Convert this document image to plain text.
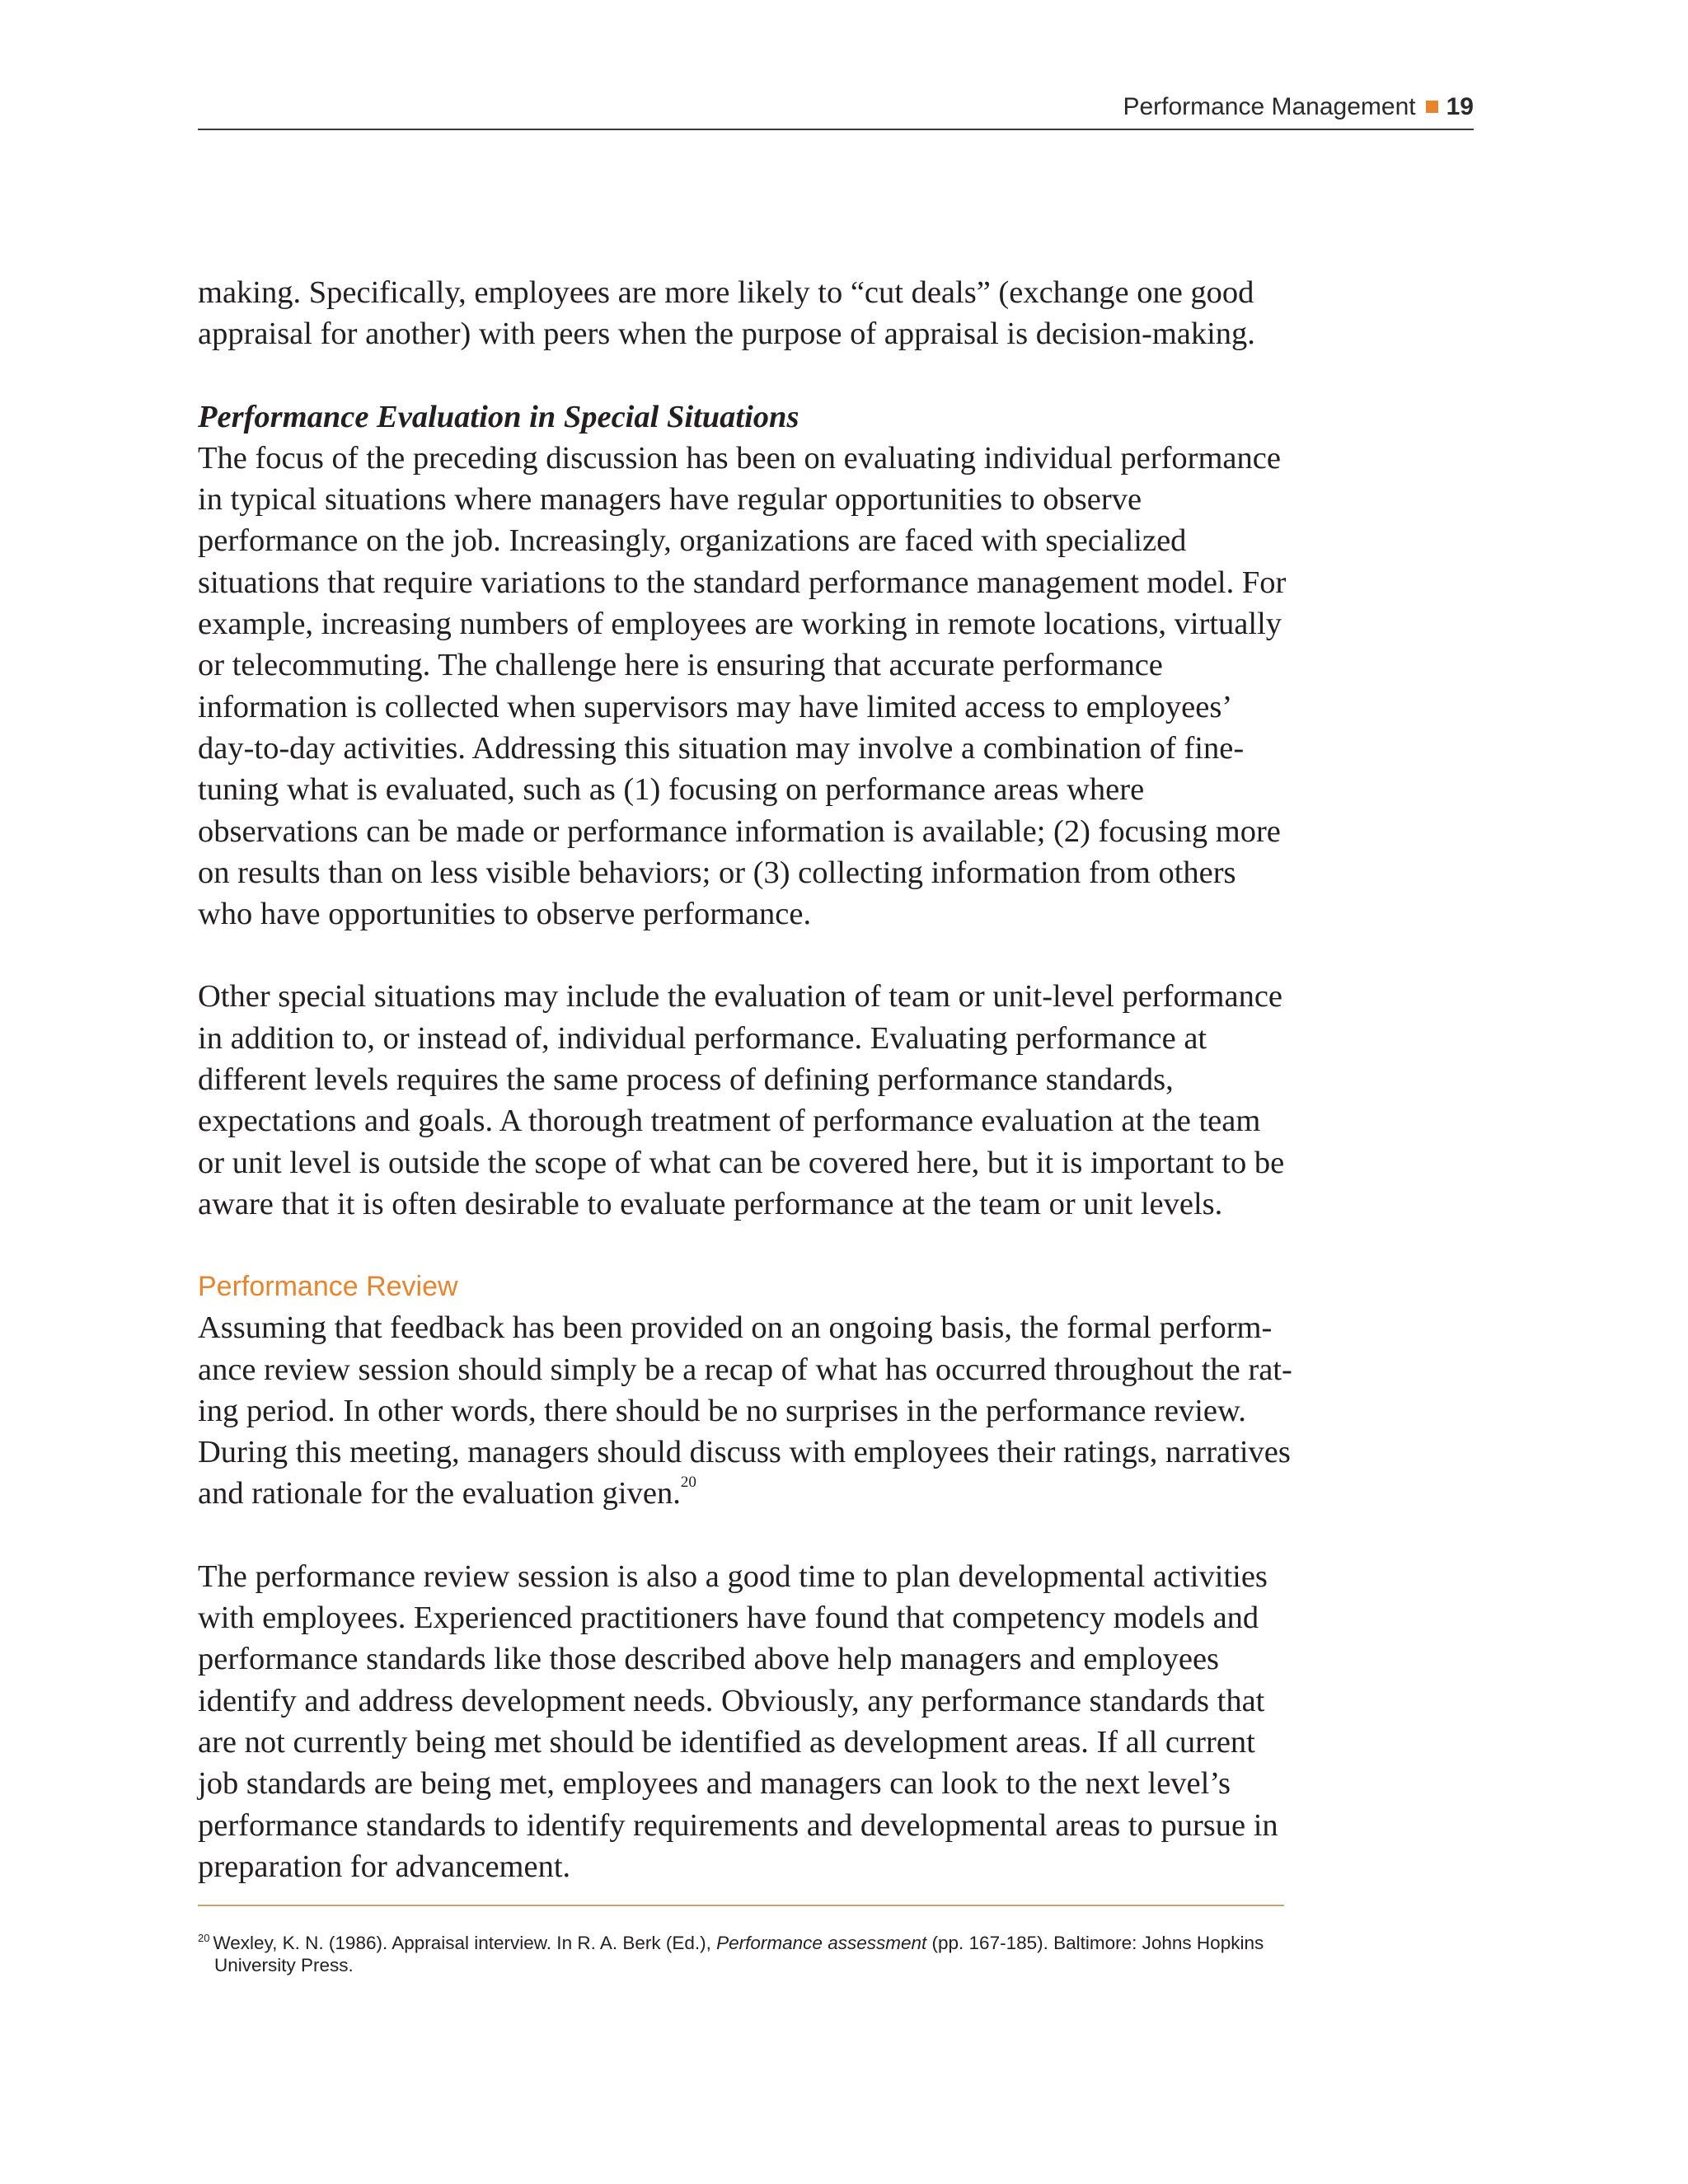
Performance Management 19

making. Specifically, employees are more likely to “cut deals” (exchange one good appraisal for another) with peers when the purpose of appraisal is decision-making.

Performance Evaluation in Special Situations

The focus of the preceding discussion has been on evaluating individual performance in typical situations where managers have regular opportunities to observe performance on the job. Increasingly, organizations are faced with specialized situations that require variations to the standard performance management model. For example, increasing numbers of employees are working in remote locations, virtually or telecommuting. The challenge here is ensuring that accurate performance information is collected when supervisors may have limited access to employees’ day-to-day activities. Addressing this situation may involve a combination of fine-tuning what is evaluated, such as (1) focusing on performance areas where observations can be made or performance information is available; (2) focusing more on results than on less visible behaviors; or (3) collecting information from others who have opportunities to observe performance.

Other special situations may include the evaluation of team or unit-level performance in addition to, or instead of, individual performance. Evaluating performance at different levels requires the same process of defining performance standards, expectations and goals. A thorough treatment of performance evaluation at the team or unit level is outside the scope of what can be covered here, but it is important to be aware that it is often desirable to evaluate performance at the team or unit levels.

Performance Review

Assuming that feedback has been provided on an ongoing basis, the formal performance review session should simply be a recap of what has occurred throughout the rating period. In other words, there should be no surprises in the performance review. During this meeting, managers should discuss with employees their ratings, narratives and rationale for the evaluation given.$^{20}$

The performance review session is also a good time to plan developmental activities with employees. Experienced practitioners have found that competency models and performance standards like those described above help managers and employees identify and address development needs. Obviously, any performance standards that are not currently being met should be identified as development areas. If all current job standards are being met, employees and managers can look to the next level’s performance standards to identify requirements and developmental areas to pursue in preparation for advancement.

$^{20}$ Wexley, K. N. (1986). Appraisal interview. In R. A. Berk (Ed.), Performance assessment (pp. 167-185). Baltimore: Johns Hopkins
University Press.
